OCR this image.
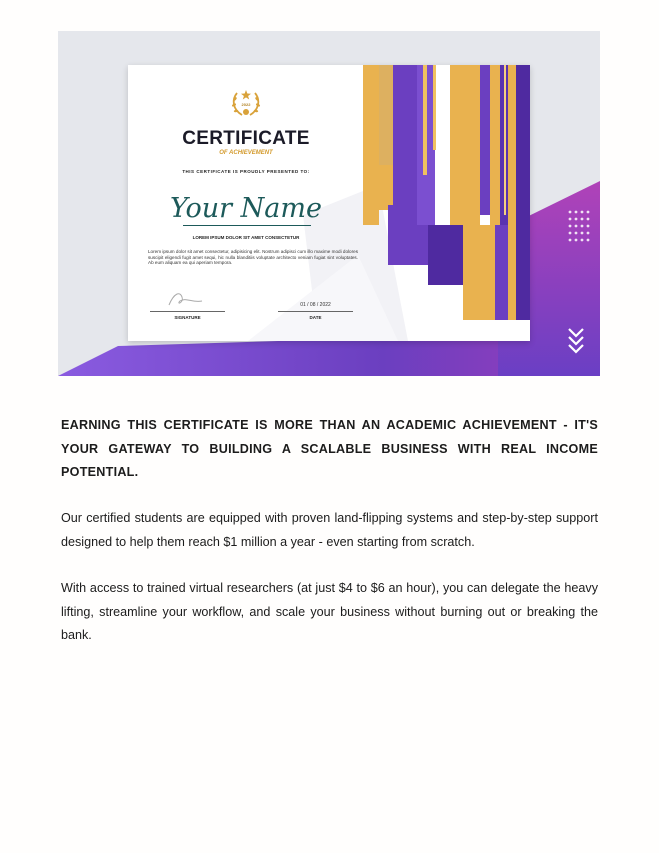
2022
CERTIFICATE
OF ACHIEVEMENT
THIS CERTIFICATE IS PROUDLY PRESENTED TO:
Your Name
LOREM IPSUM DOLOR SIT AMET CONSECTETUR
Lorem ipsum dolor sit amet consectetur, adipisicing elit. Nostrum adipisci cum illo maxime modi dolores suscipit eligendi fugit amet sequi, hic nulla blanditiis voluptate architecto veniam fugiat sint voluptates. Ab eum aliquam ea qui aperiam tempora.
SIGNATURE
01 / 08 / 2022
DATE
EARNING THIS CERTIFICATE IS MORE THAN AN ACADEMIC ACHIEVEMENT - IT'S YOUR GATEWAY TO BUILDING A SCALABLE BUSINESS WITH REAL INCOME POTENTIAL.
Our certified students are equipped with proven land-flipping systems and step-by-step support designed to help them reach $1 million a year - even starting from scratch.
With access to trained virtual researchers (at just $4 to $6 an hour), you can delegate the heavy lifting, streamline your workflow, and scale your business without burning out or breaking the bank.
